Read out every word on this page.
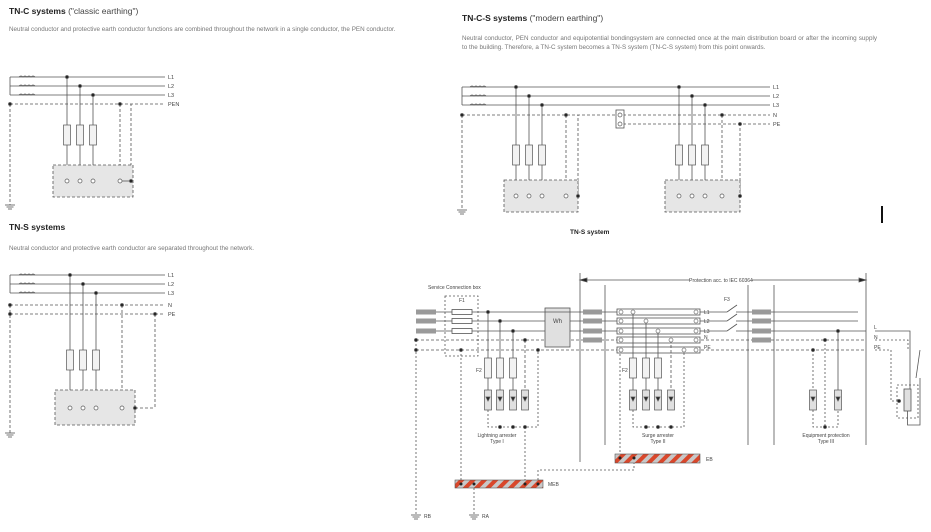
TN-C systems ("classic earthing")
Neutral conductor and protective earth conductor functions are combined throughout the network in a single conductor, the PEN conductor.
TN-S systems
Neutral conductor and protective earth conductor are separated throughout the network.
TN-C-S systems ("modern earthing")
Neutral conductor, PEN conductor and equipotential bondingsystem are connected once at the main distribution board or after the incoming supply to the building. Therefore, a TN-C system becomes a TN-S system (TN-C-S system) from this point onwards.
TN-S system
L1
L2
L3
PEN
L1
L2
L3
N
PE
L1
L2
L3
N
PE
Protection acc. to IEC 60364
Service Connection box
F1
F2	F2
F3
Wh
L1
L2
L3
N
PE
L
N
PE
Lightning arrester
Type I
Surge arrester
Type II
Equipment protection
Type III
EB
MEB
RB	RA
